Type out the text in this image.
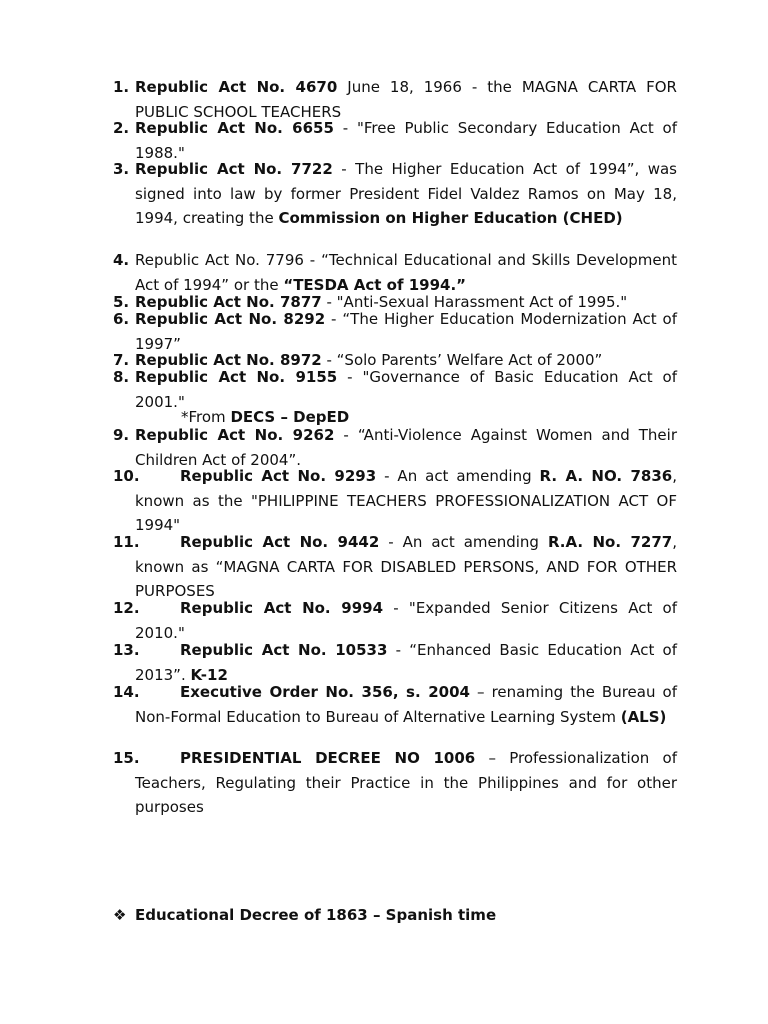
1. Republic Act No. 4670 June 18, 1966 - the MAGNA CARTA FOR PUBLIC SCHOOL TEACHERS
2. Republic Act No. 6655 - "Free Public Secondary Education Act of 1988."
3. Republic Act No. 7722 - The Higher Education Act of 1994”, was signed into law by former President Fidel Valdez Ramos on May 18, 1994, creating the Commission on Higher Education (CHED)
4. Republic Act No. 7796 - “Technical Educational and Skills Development Act of 1994” or the “TESDA Act of 1994.”
5. Republic Act No. 7877 - "Anti-Sexual Harassment Act of 1995."
6. Republic Act No. 8292 - “The Higher Education Modernization Act of 1997”
7. Republic Act No. 8972 - “Solo Parents’ Welfare Act of 2000”
8. Republic Act No. 9155 - "Governance of Basic Education Act of 2001."
*From DECS – DepED
9. Republic Act No. 9262 - “Anti-Violence Against Women and Their Children Act of 2004”.
10.	Republic Act No. 9293 - An act amending R. A. NO. 7836, known as the "PHILIPPINE TEACHERS PROFESSIONALIZATION ACT OF 1994"
11.	Republic Act No. 9442 - An act amending R.A. No. 7277, known as “MAGNA CARTA FOR DISABLED PERSONS, AND FOR OTHER PURPOSES
12.	Republic Act No. 9994 - "Expanded Senior Citizens Act of 2010."
13.	Republic Act No. 10533 - “Enhanced Basic Education Act of 2013”. K-12
14.	Executive Order No. 356, s. 2004 – renaming the Bureau of Non-Formal Education to Bureau of Alternative Learning System (ALS)
15.	PRESIDENTIAL DECREE NO 1006 – Professionalization of Teachers, Regulating their Practice in the Philippines and for other purposes
❖ Educational Decree of 1863 – Spanish time
